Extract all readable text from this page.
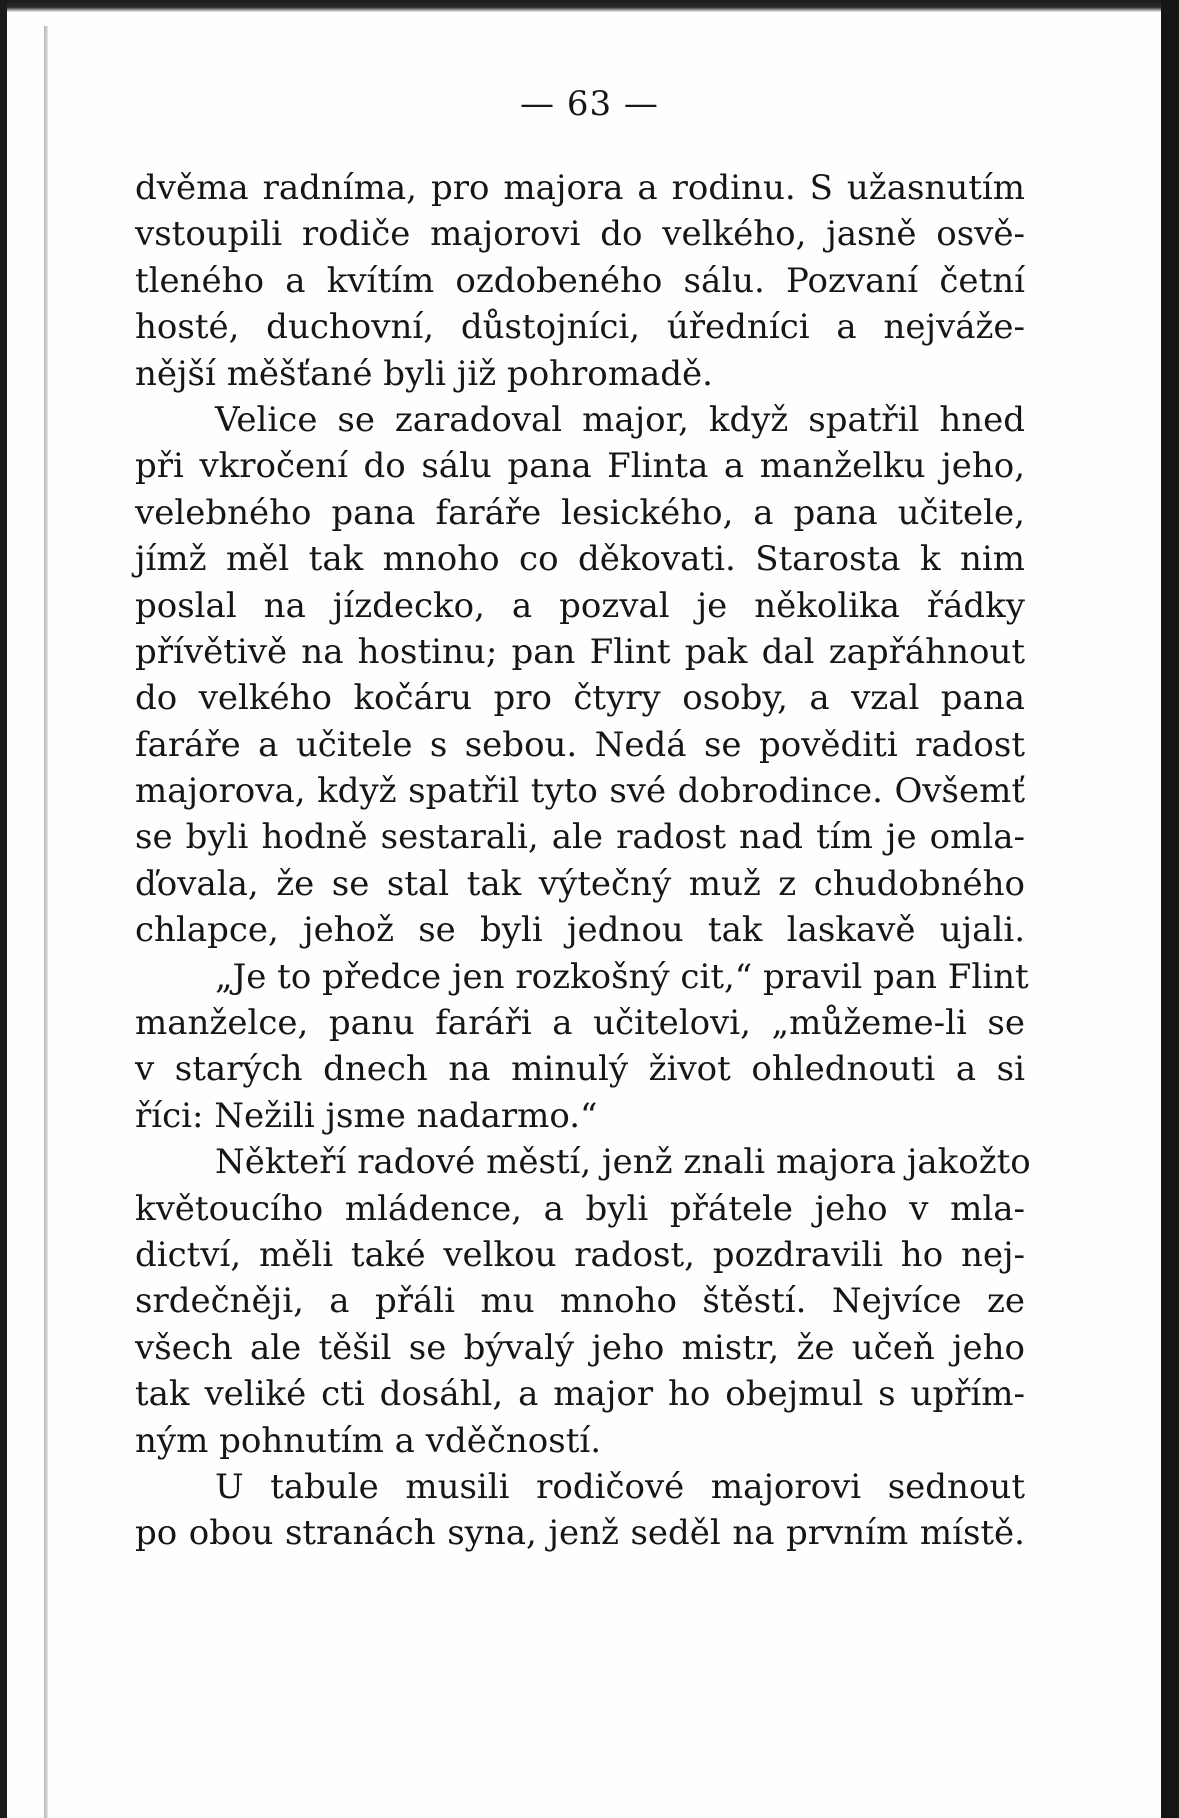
— 63 —
dvěma radníma, pro majora a rodinu. S užasnutím
vstoupili rodiče majorovi do velkého, jasně osvě-
tleného a kvítím ozdobeného sálu. Pozvaní četní
hosté, duchovní, důstojníci, úředníci a nejváže-
nější měšťané byli již pohromadě.
Velice se zaradoval major, když spatřil hned
při vkročení do sálu pana Flinta a manželku jeho,
velebného pana faráře lesického, a pana učitele,
jímž měl tak mnoho co děkovati. Starosta k nim
poslal na jízdecko, a pozval je několika řádky
přívětivě na hostinu; pan Flint pak dal zapřáhnout
do velkého kočáru pro čtyry osoby, a vzal pana
faráře a učitele s sebou. Nedá se pověditi radost
majorova, když spatřil tyto své dobrodince. Ovšemť
se byli hodně sestarali, ale radost nad tím je omla-
ďovala, že se stal tak výtečný muž z chudobného
chlapce, jehož se byli jednou tak laskavě ujali.
„Je to předce jen rozkošný cit,“ pravil pan Flint
manželce, panu faráři a učitelovi, „můžeme-li se
v starých dnech na minulý život ohlednouti a si
říci: Nežili jsme nadarmo.“
Někteří radové městí, jenž znali majora jakožto
květoucího mládence, a byli přátele jeho v mla-
dictví, měli také velkou radost, pozdravili ho nej-
srdečněji, a přáli mu mnoho štěstí. Nejvíce ze
všech ale těšil se bývalý jeho mistr, že učeň jeho
tak veliké cti dosáhl, a major ho obejmul s upřím-
ným pohnutím a vděčností.
U tabule musili rodičové majorovi sednout
po obou stranách syna, jenž seděl na prvním místě.
